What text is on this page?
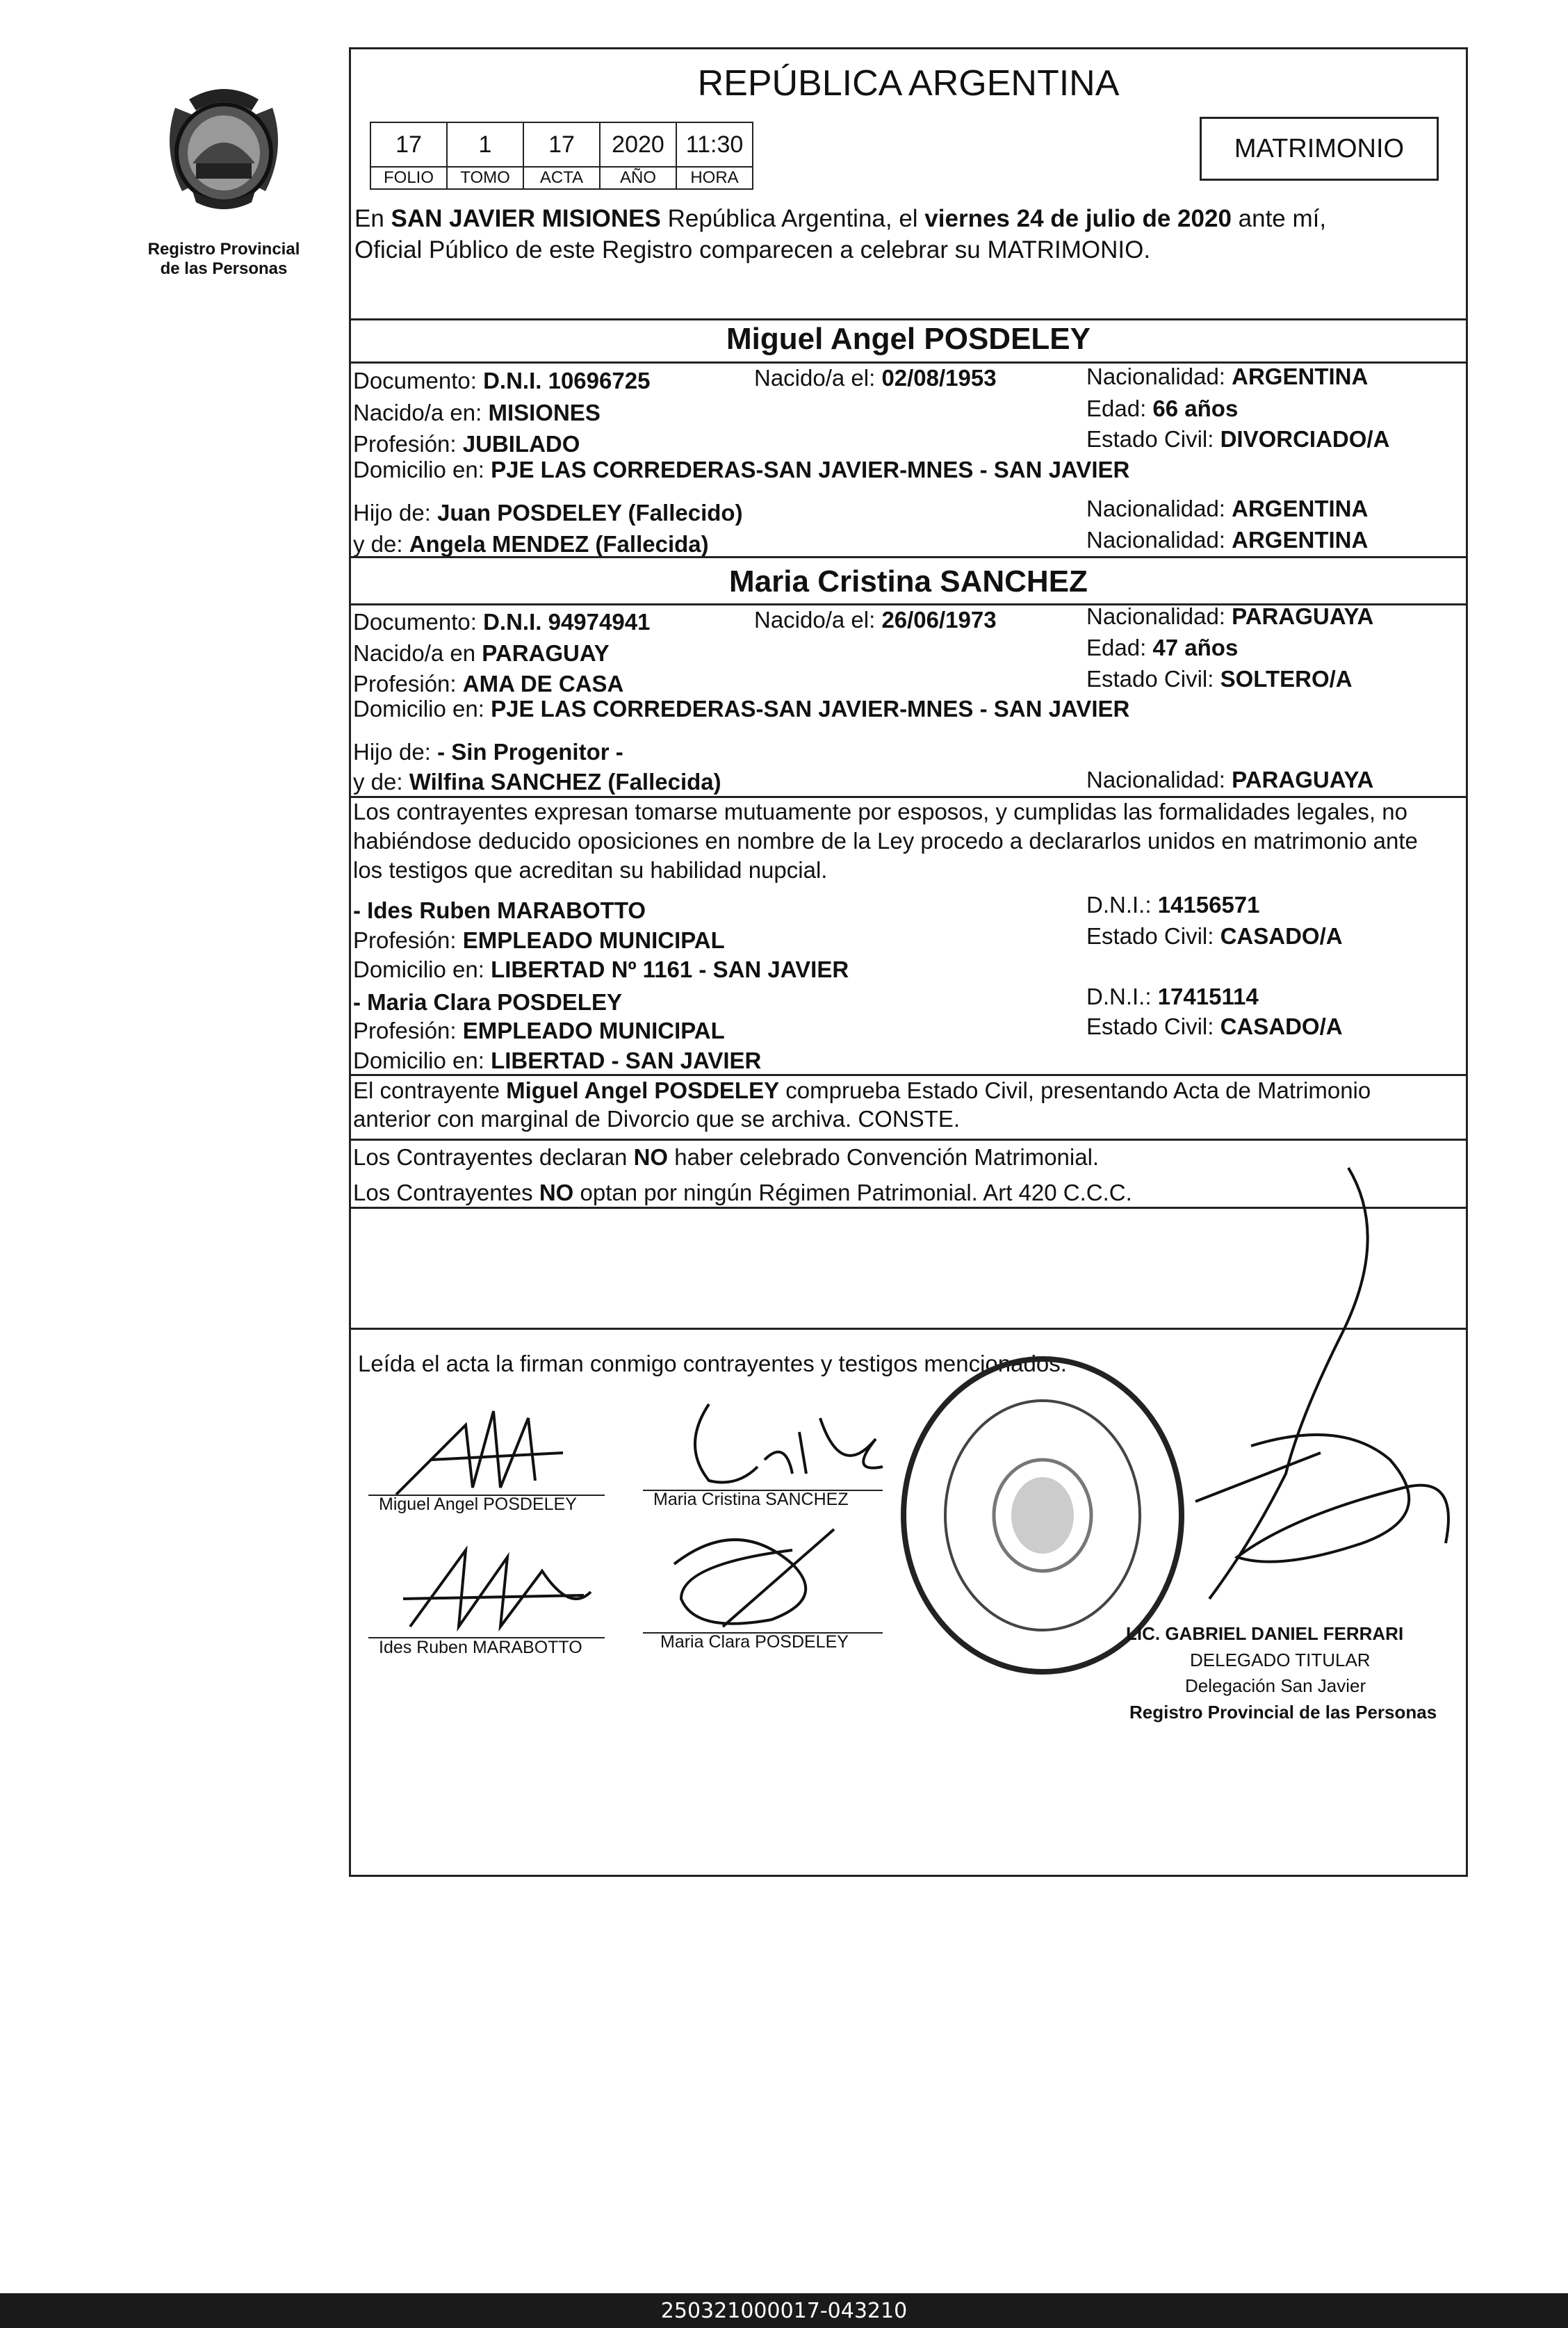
Registro Provincial
de las Personas
REPÚBLICA ARGENTINA
17	1	17	2020	11:30
FOLIO	TOMO	ACTA	AÑO	HORA
MATRIMONIO
En SAN JAVIER MISIONES República Argentina, el viernes 24 de julio de 2020 ante mí,
Oficial Público de este Registro comparecen a celebrar su MATRIMONIO.
Miguel Angel POSDELEY
Documento: D.N.I. 10696725	Nacido/a el: 02/08/1953	Nacionalidad: ARGENTINA
Nacido/a en: MISIONES	Edad: 66 años
Profesión: JUBILADO	Estado Civil: DIVORCIADO/A
Domicilio en: PJE LAS CORREDERAS-SAN JAVIER-MNES - SAN JAVIER
Hijo de: Juan POSDELEY (Fallecido)	Nacionalidad: ARGENTINA
y de: Angela MENDEZ (Fallecida)	Nacionalidad: ARGENTINA
Maria Cristina SANCHEZ
Documento: D.N.I. 94974941	Nacido/a el: 26/06/1973	Nacionalidad: PARAGUAYA
Nacido/a en PARAGUAY	Edad: 47 años
Profesión: AMA DE CASA	Estado Civil: SOLTERO/A
Domicilio en: PJE LAS CORREDERAS-SAN JAVIER-MNES - SAN JAVIER
Hijo de: - Sin Progenitor -
y de: Wilfina SANCHEZ (Fallecida)	Nacionalidad: PARAGUAYA
Los contrayentes expresan tomarse mutuamente por esposos, y cumplidas las formalidades legales, no
habiéndose deducido oposiciones en nombre de la Ley procedo a declararlos unidos en matrimonio ante
los testigos que acreditan su habilidad nupcial.
- Ides Ruben MARABOTTO	D.N.I.: 14156571
Profesión: EMPLEADO MUNICIPAL	Estado Civil: CASADO/A
Domicilio en: LIBERTAD Nº 1161 - SAN JAVIER
- Maria Clara POSDELEY	D.N.I.: 17415114
Profesión: EMPLEADO MUNICIPAL	Estado Civil: CASADO/A
Domicilio en: LIBERTAD - SAN JAVIER
El contrayente Miguel Angel POSDELEY comprueba Estado Civil, presentando Acta de Matrimonio
anterior con marginal de Divorcio que se archiva. CONSTE.
Los Contrayentes declaran NO haber celebrado Convención Matrimonial.
Los Contrayentes NO optan por ningún Régimen Patrimonial. Art 420 C.C.C.
Leída el acta la firman conmigo contrayentes y testigos mencionados.
Miguel Angel POSDELEY	Maria Cristina SANCHEZ
Ides Ruben MARABOTTO	Maria Clara POSDELEY	LIC. GABRIEL DANIEL FERRARI
DELEGADO TITULAR
Delegación San Javier
Registro Provincial de las Personas
250321000017-043210
